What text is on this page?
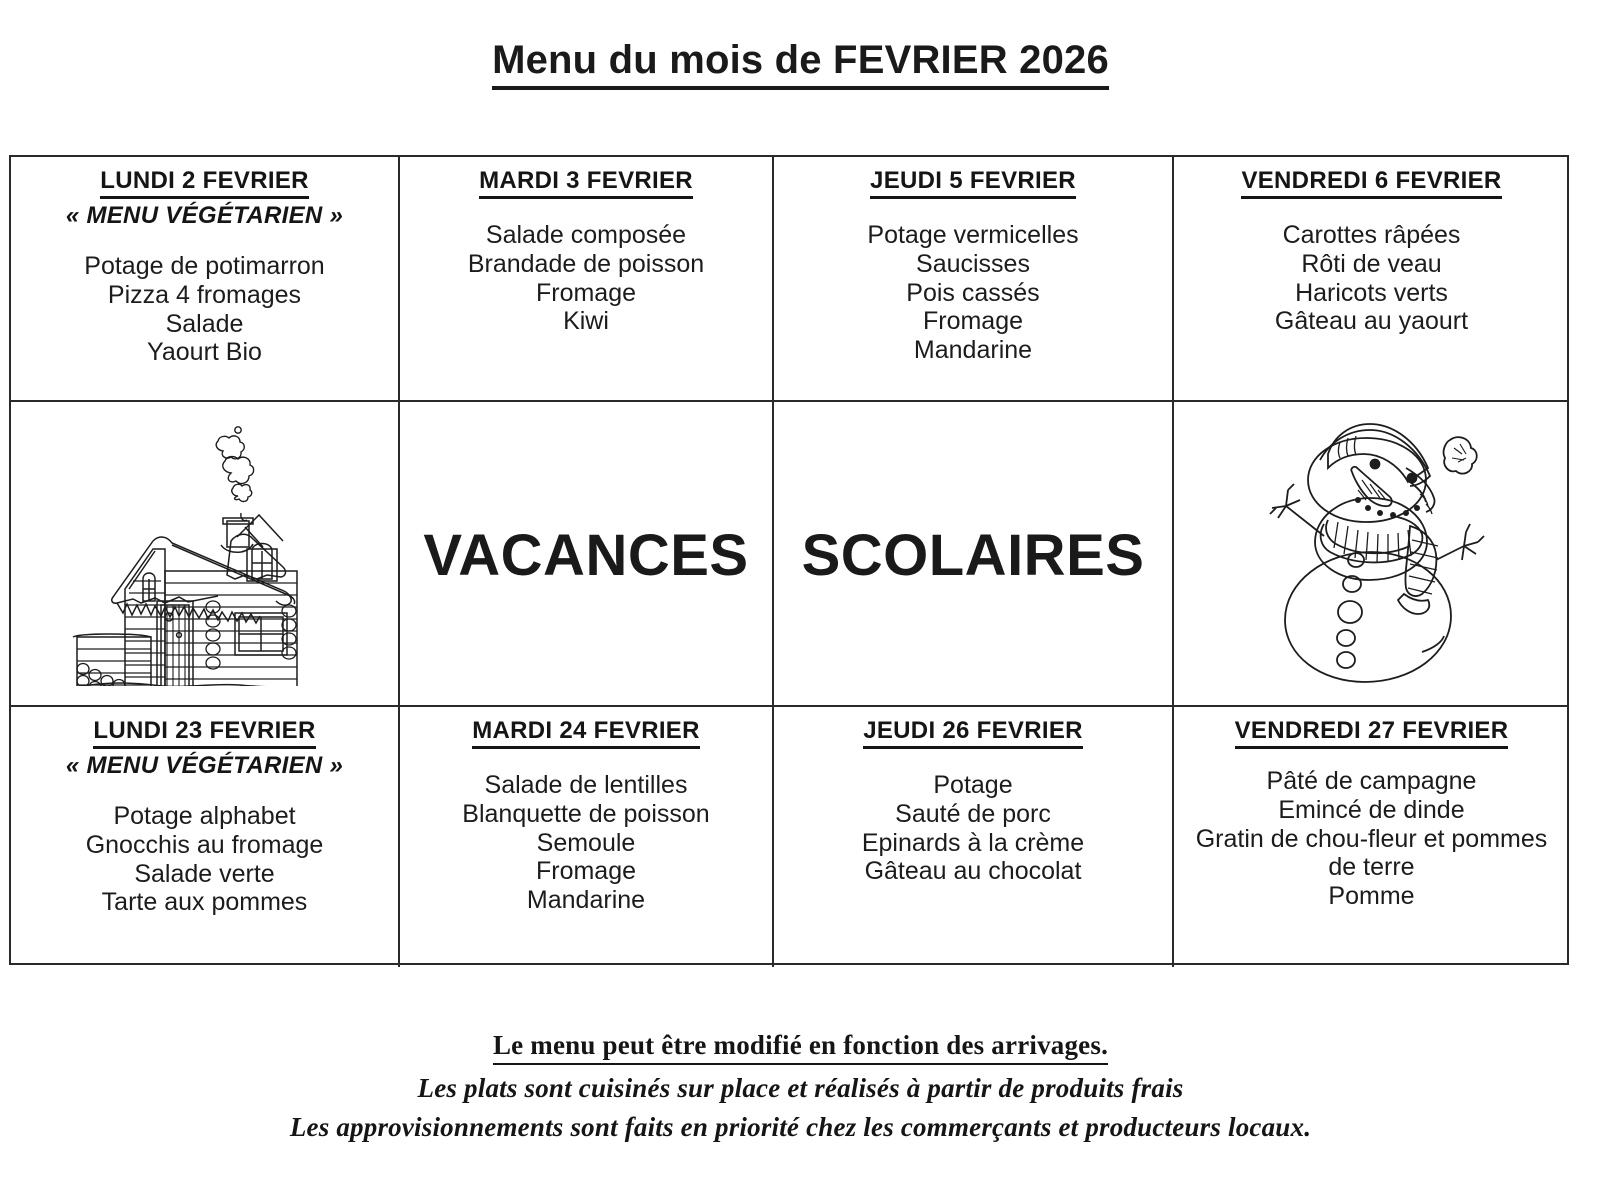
Menu du mois de FEVRIER 2026
LUNDI 2 FEVRIER
« MENU VÉGÉTARIEN »
Potage de potimarron
Pizza 4 fromages
Salade
Yaourt Bio
MARDI 3 FEVRIER
Salade composée
Brandade de poisson
Fromage
Kiwi
JEUDI 5 FEVRIER
Potage vermicelles
Saucisses
Pois cassés
Fromage
Mandarine
VENDREDI 6 FEVRIER
Carottes râpées
Rôti de veau
Haricots verts
Gâteau au yaourt
VACANCES SCOLAIRES
LUNDI 23 FEVRIER
« MENU VÉGÉTARIEN »
Potage alphabet
Gnocchis au fromage
Salade verte
Tarte aux pommes
MARDI 24 FEVRIER
Salade de lentilles
Blanquette de poisson
Semoule
Fromage
Mandarine
JEUDI 26 FEVRIER
Potage
Sauté de porc
Epinards à la crème
Gâteau au chocolat
VENDREDI 27 FEVRIER
Pâté de campagne
Emincé de dinde
Gratin de chou-fleur et pommes de terre
Pomme
Le menu peut être modifié en fonction des arrivages.
Les plats sont cuisinés sur place et réalisés à partir de produits frais
Les approvisionnements sont faits en priorité chez les commerçants et producteurs locaux.
